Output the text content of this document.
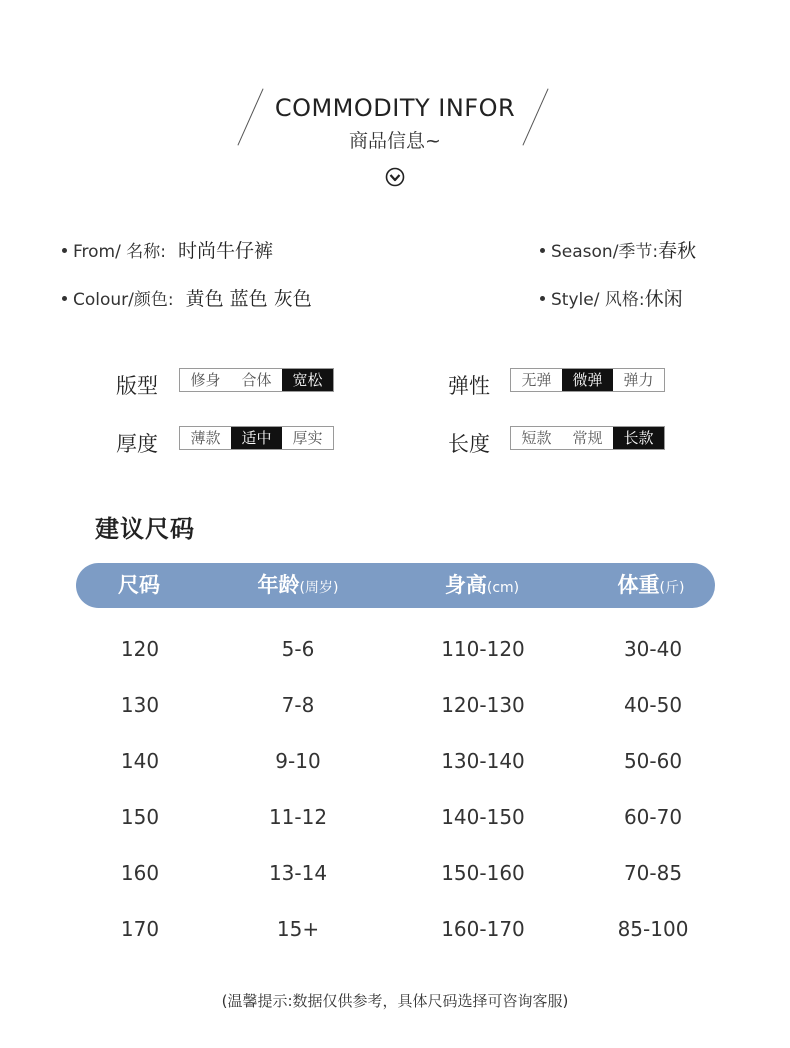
COMMODITY INFOR
商品信息~
From/ 名称: 时尚牛仔裤	Season/季节:春秋
Colour/颜色: 黄色 蓝色 灰色	Style/ 风格:休闲
版型	修身	合体	宽松	弹性	无弹	微弹	弹力
厚度	薄款	适中	厚实	长度	短款	常规	长款
建议尺码
尺码	年龄(周岁)	身高(cm)	体重(斤)
120	5-6	110-120	30-40
130	7-8	120-130	40-50
140	9-10	130-140	50-60
150	11-12	140-150	60-70
160	13-14	150-160	70-85
170	15+	160-170	85-100
(温馨提示:数据仅供参考，具体尺码选择可咨询客服)
